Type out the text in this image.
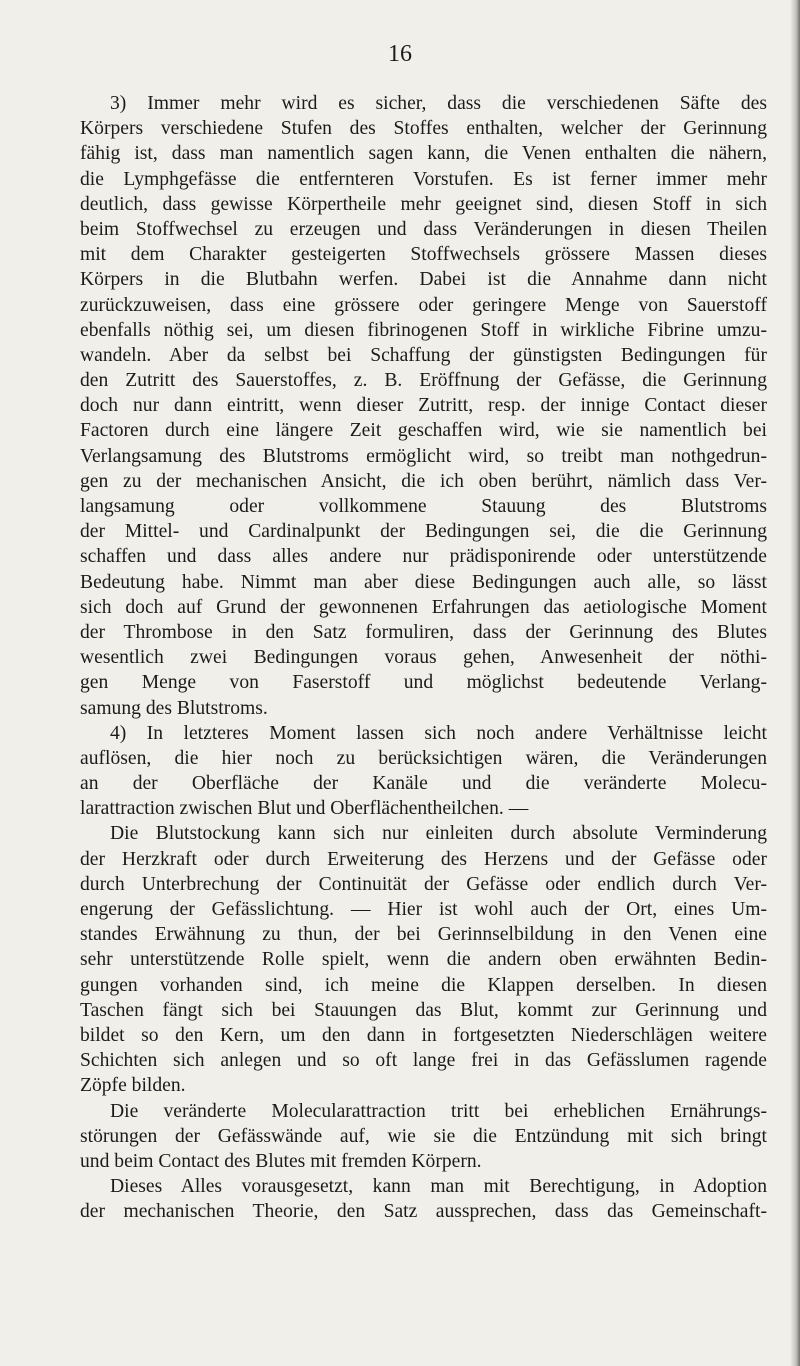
16
3) Immer mehr wird es sicher, dass die verschiedenen Säfte des
Körpers verschiedene Stufen des Stoffes enthalten, welcher der Gerinnung
fähig ist, dass man namentlich sagen kann, die Venen enthalten die nähern,
die Lymphgefässe die entfernteren Vorstufen. Es ist ferner immer mehr
deutlich, dass gewisse Körpertheile mehr geeignet sind, diesen Stoff in sich
beim Stoffwechsel zu erzeugen und dass Veränderungen in diesen Theilen
mit dem Charakter gesteigerten Stoffwechsels grössere Massen dieses
Körpers in die Blutbahn werfen. Dabei ist die Annahme dann nicht
zurückzuweisen, dass eine grössere oder geringere Menge von Sauerstoff
ebenfalls nöthig sei, um diesen fibrinogenen Stoff in wirkliche Fibrine umzu-
wandeln. Aber da selbst bei Schaffung der günstigsten Bedingungen für
den Zutritt des Sauerstoffes, z. B. Eröffnung der Gefässe, die Gerinnung
doch nur dann eintritt, wenn dieser Zutritt, resp. der innige Contact dieser
Factoren durch eine längere Zeit geschaffen wird, wie sie namentlich bei
Verlangsamung des Blutstroms ermöglicht wird, so treibt man nothgedrun-
gen zu der mechanischen Ansicht, die ich oben berührt, nämlich dass Ver-
langsamung oder vollkommene Stauung des Blutstroms
der Mittel- und Cardinalpunkt der Bedingungen sei, die die Gerinnung
schaffen und dass alles andere nur prädisponirende oder unterstützende
Bedeutung habe. Nimmt man aber diese Bedingungen auch alle, so lässt
sich doch auf Grund der gewonnenen Erfahrungen das aetiologische Moment
der Thrombose in den Satz formuliren, dass der Gerinnung des Blutes
wesentlich zwei Bedingungen voraus gehen, Anwesenheit der nöthi-
gen Menge von Faserstoff und möglichst bedeutende Verlang-
samung des Blutstroms.
4) In letzteres Moment lassen sich noch andere Verhältnisse leicht
auflösen, die hier noch zu berücksichtigen wären, die Veränderungen
an der Oberfläche der Kanäle und die veränderte Molecu-
larattraction zwischen Blut und Oberflächentheilchen. —
Die Blutstockung kann sich nur einleiten durch absolute Verminderung
der Herzkraft oder durch Erweiterung des Herzens und der Gefässe oder
durch Unterbrechung der Continuität der Gefässe oder endlich durch Ver-
engerung der Gefässlichtung. — Hier ist wohl auch der Ort, eines Um-
standes Erwähnung zu thun, der bei Gerinnselbildung in den Venen eine
sehr unterstützende Rolle spielt, wenn die andern oben erwähnten Bedin-
gungen vorhanden sind, ich meine die Klappen derselben. In diesen
Taschen fängt sich bei Stauungen das Blut, kommt zur Gerinnung und
bildet so den Kern, um den dann in fortgesetzten Niederschlägen weitere
Schichten sich anlegen und so oft lange frei in das Gefässlumen ragende
Zöpfe bilden.
Die veränderte Molecularattraction tritt bei erheblichen Ernährungs-
störungen der Gefässwände auf, wie sie die Entzündung mit sich bringt
und beim Contact des Blutes mit fremden Körpern.
Dieses Alles vorausgesetzt, kann man mit Berechtigung, in Adoption
der mechanischen Theorie, den Satz aussprechen, dass das Gemeinschaft-
